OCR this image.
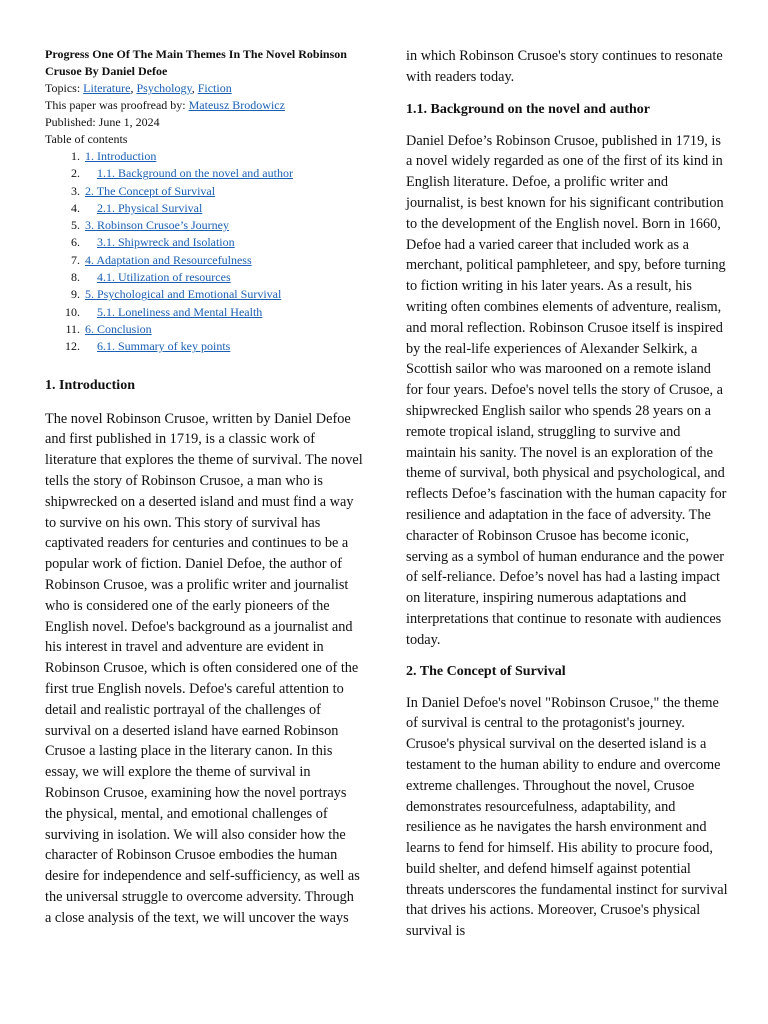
Progress One Of The Main Themes In The Novel Robinson Crusoe By Daniel Defoe
Topics: Literature, Psychology, Fiction
This paper was proofread by: Mateusz Brodowicz
Published: June 1, 2024
Table of contents
1. 1. Introduction
2. 1.1. Background on the novel and author
3. 2. The Concept of Survival
4. 2.1. Physical Survival
5. 3. Robinson Crusoe’s Journey
6. 3.1. Shipwreck and Isolation
7. 4. Adaptation and Resourcefulness
8. 4.1. Utilization of resources
9. 5. Psychological and Emotional Survival
10. 5.1. Loneliness and Mental Health
11. 6. Conclusion
12. 6.1. Summary of key points
1. Introduction

The novel Robinson Crusoe, written by Daniel Defoe and first published in 1719, is a classic work of literature that explores the theme of survival. The novel tells the story of Robinson Crusoe, a man who is shipwrecked on a deserted island and must find a way to survive on his own. This story of survival has captivated readers for centuries and continues to be a popular work of fiction. Daniel Defoe, the author of Robinson Crusoe, was a prolific writer and journalist who is considered one of the early pioneers of the English novel. Defoe's background as a journalist and his interest in travel and adventure are evident in Robinson Crusoe, which is often considered one of the first true English novels. Defoe's careful attention to detail and realistic portrayal of the challenges of survival on a deserted island have earned Robinson Crusoe a lasting place in the literary canon. In this essay, we will explore the theme of survival in Robinson Crusoe, examining how the novel portrays the physical, mental, and emotional challenges of surviving in isolation. We will also consider how the character of Robinson Crusoe embodies the human desire for independence and self-sufficiency, as well as the universal struggle to overcome adversity. Through a close analysis of the text, we will uncover the ways

in which Robinson Crusoe's story continues to resonate with readers today.

1.1. Background on the novel and author

Daniel Defoe’s Robinson Crusoe, published in 1719, is a novel widely regarded as one of the first of its kind in English literature. Defoe, a prolific writer and journalist, is best known for his significant contribution to the development of the English novel. Born in 1660, Defoe had a varied career that included work as a merchant, political pamphleteer, and spy, before turning to fiction writing in his later years. As a result, his writing often combines elements of adventure, realism, and moral reflection. Robinson Crusoe itself is inspired by the real-life experiences of Alexander Selkirk, a Scottish sailor who was marooned on a remote island for four years. Defoe's novel tells the story of Crusoe, a shipwrecked English sailor who spends 28 years on a remote tropical island, struggling to survive and maintain his sanity. The novel is an exploration of the theme of survival, both physical and psychological, and reflects Defoe’s fascination with the human capacity for resilience and adaptation in the face of adversity. The character of Robinson Crusoe has become iconic, serving as a symbol of human endurance and the power of self-reliance. Defoe’s novel has had a lasting impact on literature, inspiring numerous adaptations and interpretations that continue to resonate with audiences today.

2. The Concept of Survival

In Daniel Defoe's novel "Robinson Crusoe," the theme of survival is central to the protagonist's journey. Crusoe's physical survival on the deserted island is a testament to the human ability to endure and overcome extreme challenges. Throughout the novel, Crusoe demonstrates resourcefulness, adaptability, and resilience as he navigates the harsh environment and learns to fend for himself. His ability to procure food, build shelter, and defend himself against potential threats underscores the fundamental instinct for survival that drives his actions. Moreover, Crusoe's physical survival is
